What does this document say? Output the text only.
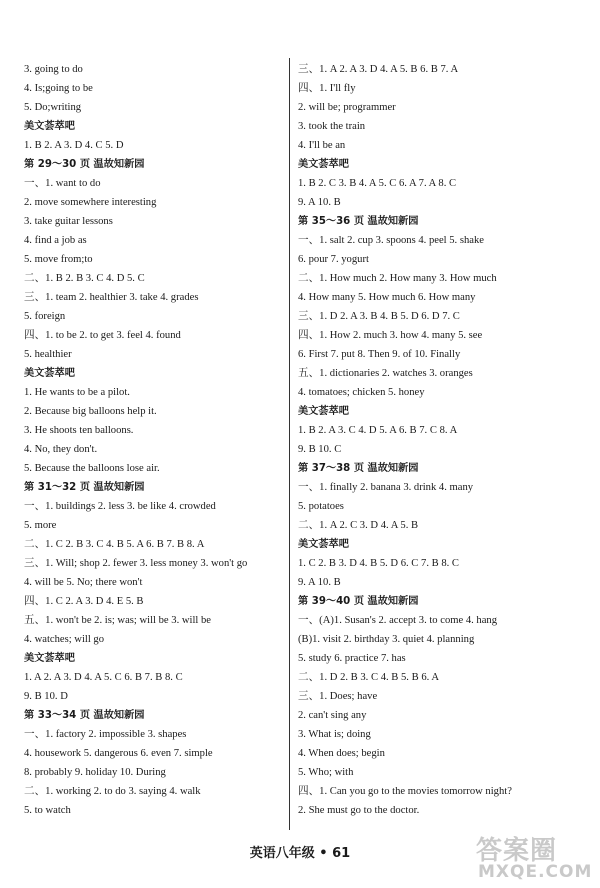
3. going to do
4. Is;going to be
5. Do;writing
美文荟萃吧
1. B 2. A 3. D 4. C 5. D
第 29～30 页 温故知新园
一、1. want to do
2. move somewhere interesting
3. take guitar lessons
4. find a job as
5. move from;to
二、1. B 2. B 3. C 4. D 5. C
三、1. team 2. healthier 3. take 4. grades
5. foreign
四、1. to be 2. to get 3. feel 4. found
5. healthier
美文荟萃吧
1. He wants to be a pilot.
2. Because big balloons help it.
3. He shoots ten balloons.
4. No, they don't.
5. Because the balloons lose air.
第 31～32 页 温故知新园
一、1. buildings 2. less 3. be like 4. crowded
5. more
二、1. C 2. B 3. C 4. B 5. A 6. B 7. B 8. A
三、1. Will; shop 2. fewer 3. less money 3. won't go
4. will be 5. No; there won't
四、1. C 2. A 3. D 4. E 5. B
五、1. won't be 2. is; was; will be 3. will be
4. watches; will go
美文荟萃吧
1. A 2. A 3. D 4. A 5. C 6. B 7. B 8. C
9. B 10. D
第 33～34 页 温故知新园
一、1. factory 2. impossible 3. shapes
4. housework 5. dangerous 6. even 7. simple
8. probably 9. holiday 10. During
二、1. working 2. to do 3. saying 4. walk
5. to watch
三、1. A 2. A 3. D 4. A 5. B 6. B 7. A
四、1. I'll fly
2. will be; programmer
3. took the train
4. I'll be an
美文荟萃吧
1. B 2. C 3. B 4. A 5. C 6. A 7. A 8. C
9. A 10. B
第 35～36 页 温故知新园
一、1. salt 2. cup 3. spoons 4. peel 5. shake
6. pour 7. yogurt
二、1. How much 2. How many 3. How much
4. How many 5. How much 6. How many
三、1. D 2. A 3. B 4. B 5. D 6. D 7. C
四、1. How 2. much 3. how 4. many 5. see
6. First 7. put 8. Then 9. of 10. Finally
五、1. dictionaries 2. watches 3. oranges
4. tomatoes; chicken 5. honey
美文荟萃吧
1. B 2. A 3. C 4. D 5. A 6. B 7. C 8. A
9. B 10. C
第 37～38 页 温故知新园
一、1. finally 2. banana 3. drink 4. many
5. potatoes
二、1. A 2. C 3. D 4. A 5. B
美文荟萃吧
1. C 2. B 3. D 4. B 5. D 6. C 7. B 8. C
9. A 10. B
第 39～40 页 温故知新园
一、(A)1. Susan's 2. accept 3. to come 4. hang
(B)1. visit 2. birthday 3. quiet 4. planning
5. study 6. practice 7. has
二、1. D 2. B 3. C 4. B 5. B 6. A
三、1. Does; have
2. can't sing any
3. What is; doing
4. When does; begin
5. Who; with
四、1. Can you go to the movies tomorrow night?
2. She must go to the doctor.
英语八年级 • 61	答案圈
MXQE.COM
